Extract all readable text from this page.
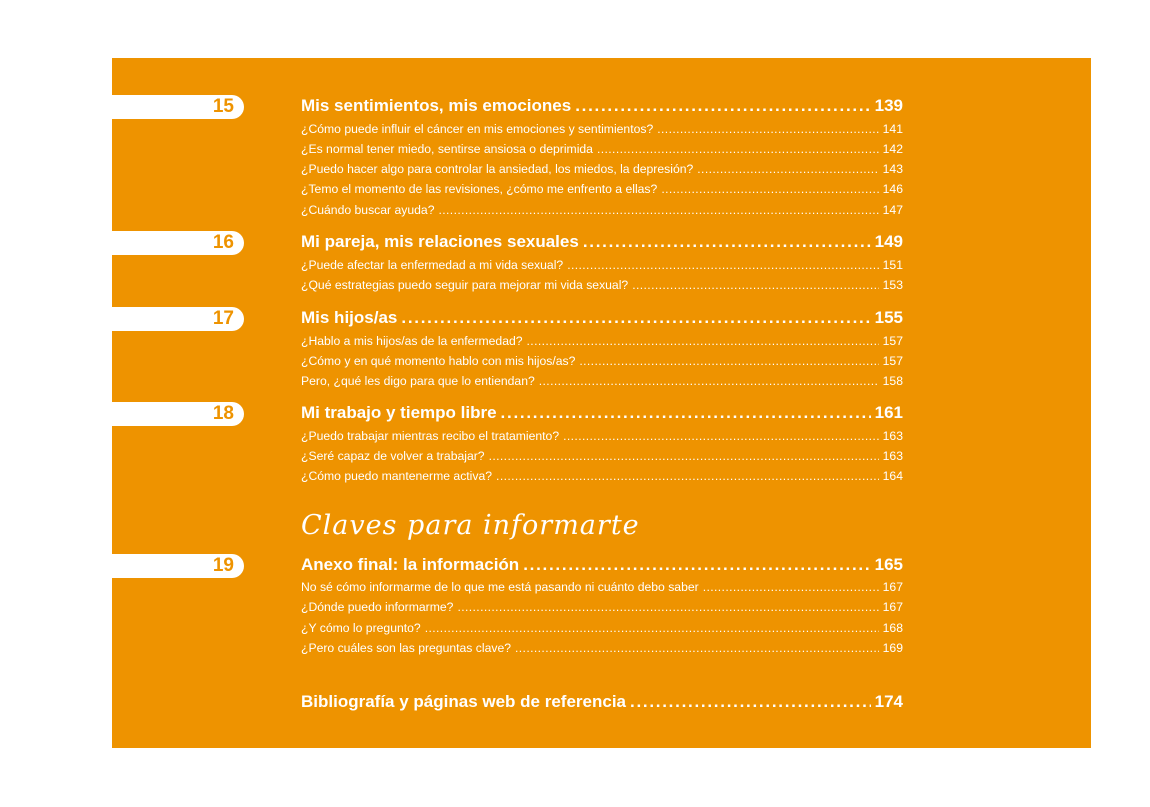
15	Mis sentimientos, mis emociones . . .	139
¿Cómo puede influir el cáncer en mis emociones y sentimientos? . . .	141
¿Es normal tener miedo, sentirse ansiosa o deprimida . . .	142
¿Puedo hacer algo para controlar la ansiedad, los miedos, la depresión? . . .	143
¿Temo el momento de las revisiones, ¿cómo me enfrento a ellas? . . .	146
¿Cuándo buscar ayuda? . . .	147
16	Mi pareja, mis relaciones sexuales . . .	149
¿Puede afectar la enfermedad a mi vida sexual? . . .	151
¿Qué estrategias puedo seguir para mejorar mi vida sexual? . . .	153
17	Mis hijos/as . . .	155
¿Hablo a mis hijos/as de la enfermedad? . . .	157
¿Cómo y en qué momento hablo con mis hijos/as? . . .	157
Pero, ¿qué les digo para que lo entiendan? . . .	158
18	Mi trabajo y tiempo libre . . .	161
¿Puedo trabajar mientras recibo el tratamiento? . . .	163
¿Seré capaz de volver a trabajar? . . .	163
¿Cómo puedo mantenerme activa? . . .	164
Claves para informarte
19	Anexo final: la información . . .	165
No sé cómo informarme de lo que me está pasando ni cuánto debo saber . . .	167
¿Dónde puedo informarme? . . .	167
¿Y cómo lo pregunto? . . .	168
¿Pero cuáles son las preguntas clave? . . .	169
Bibliografía y páginas web de referencia . . .	174
